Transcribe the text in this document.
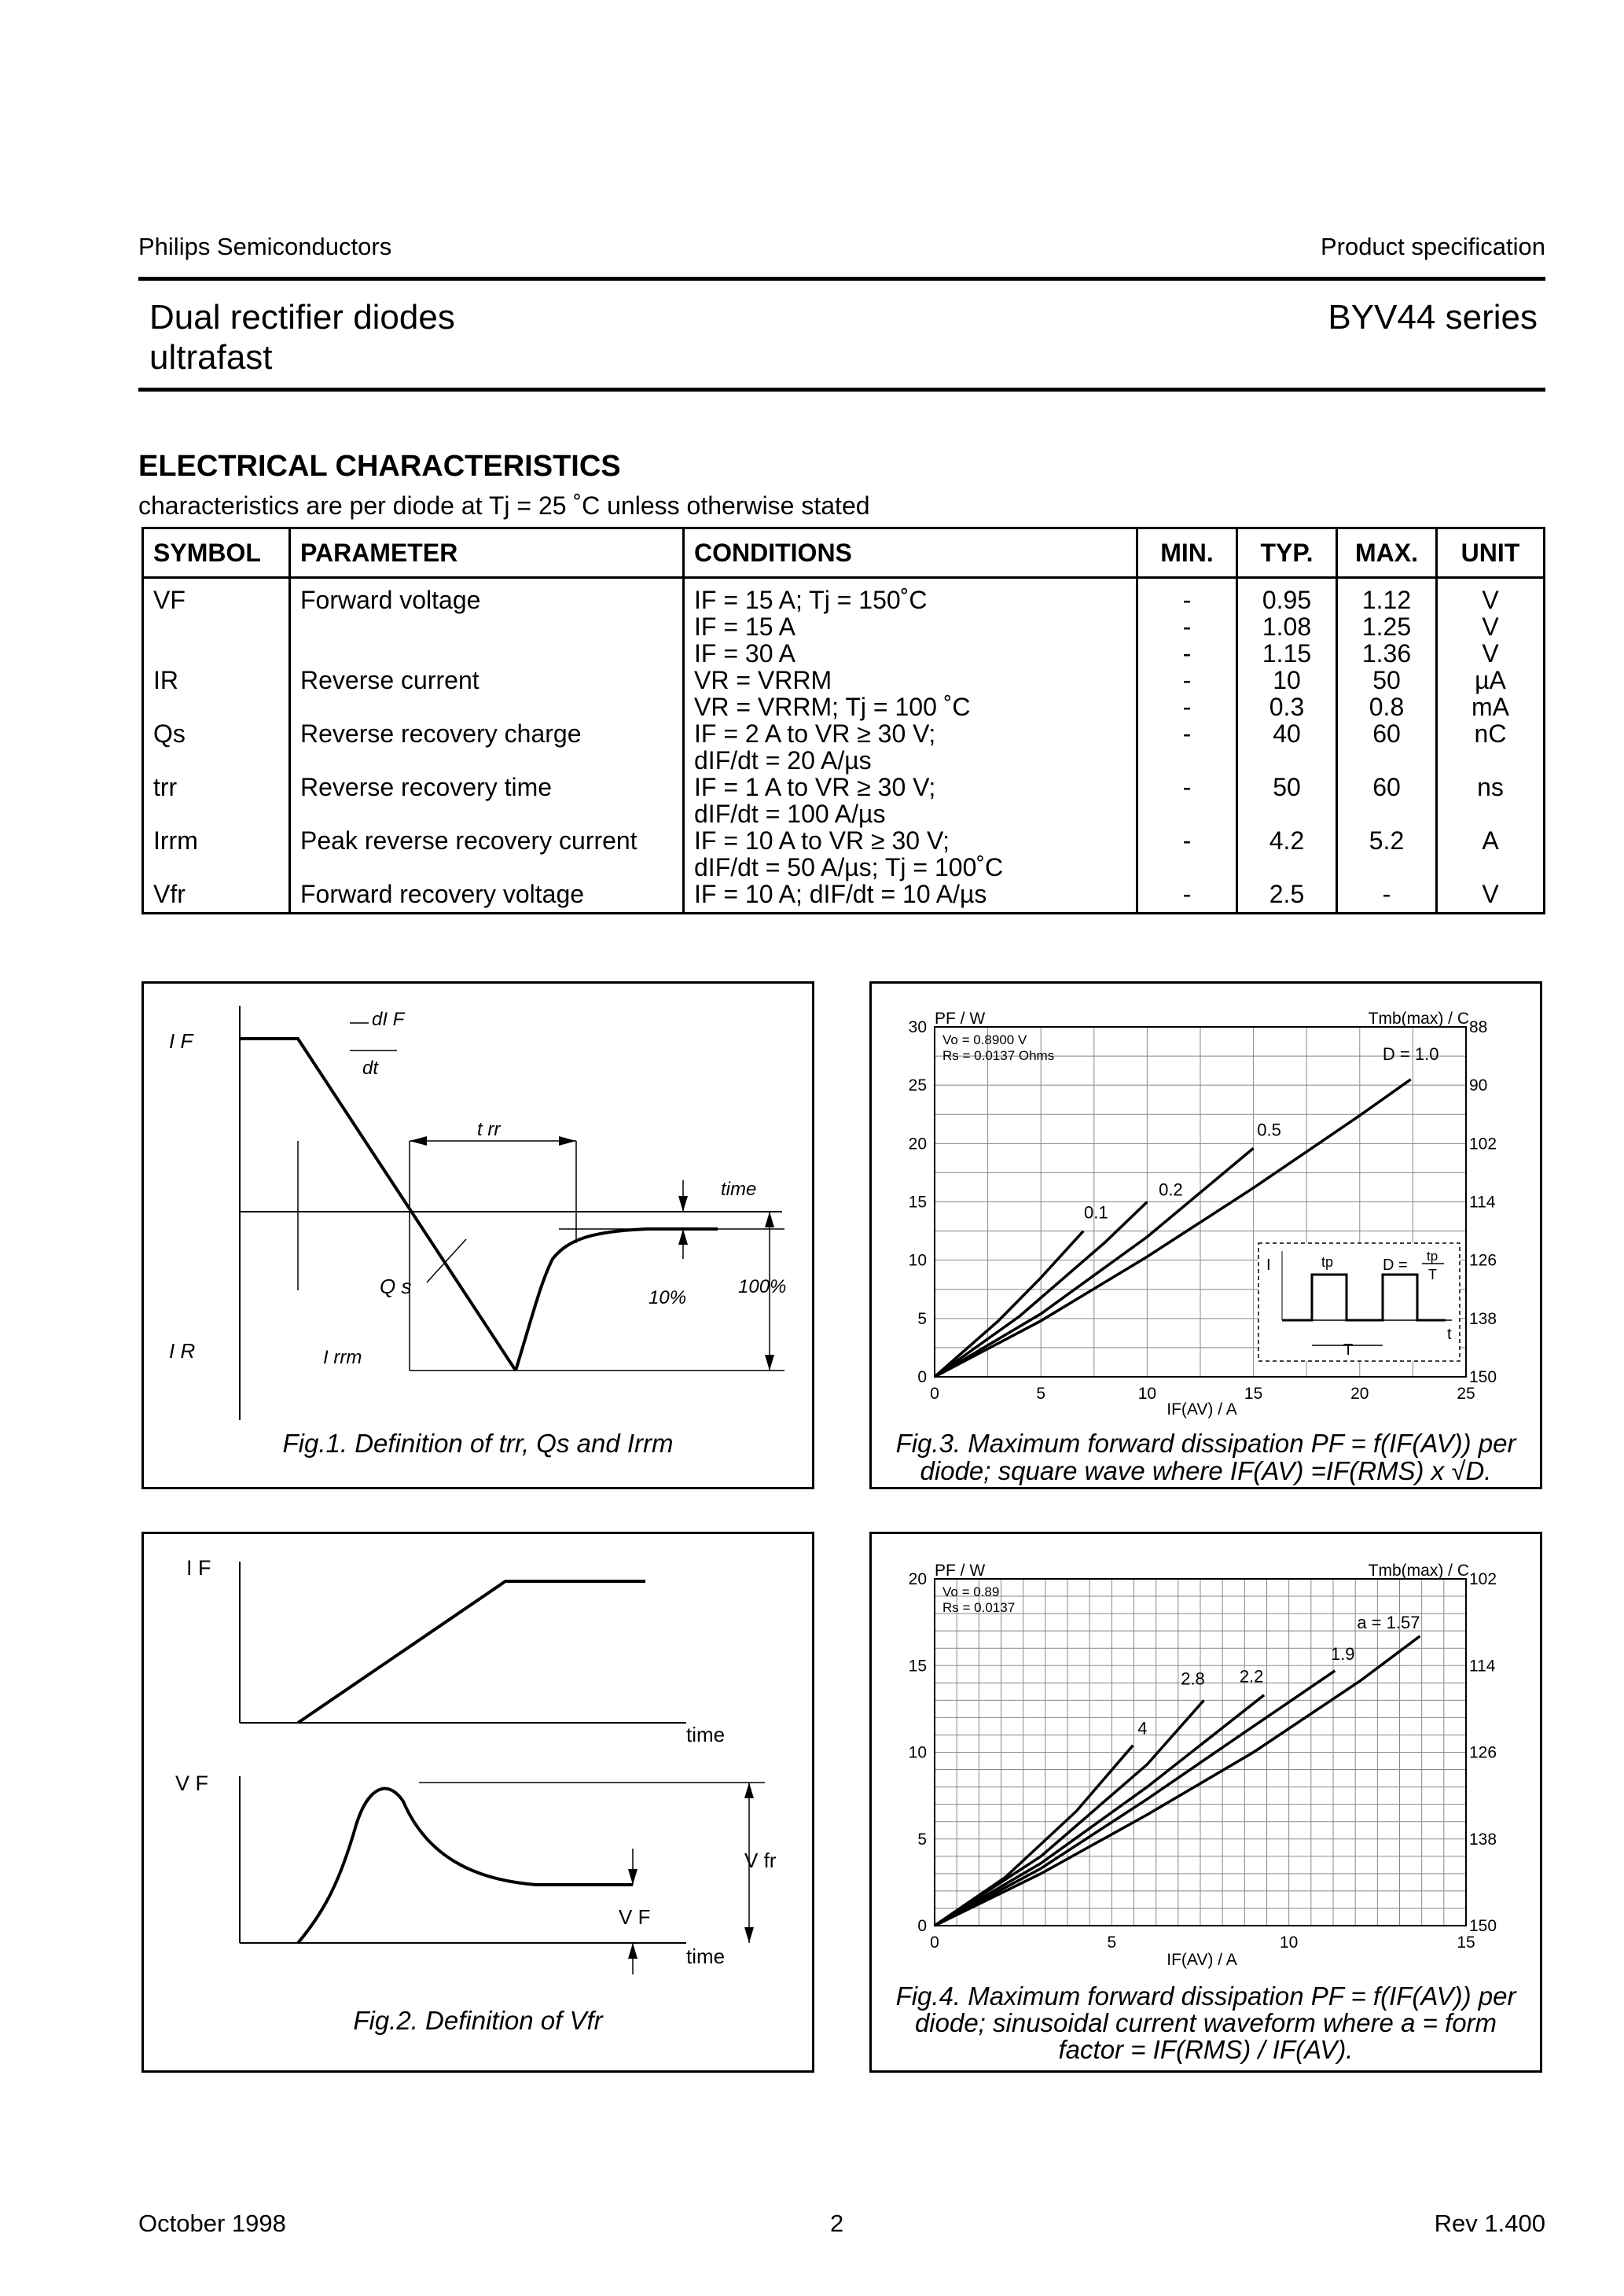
Philips Semiconductors	Product specification
Dual rectifier diodes
ultrafast
BYV44 series
ELECTRICAL CHARACTERISTICS
characteristics are per diode at Tj = 25 ˚C unless otherwise stated
SYMBOL	PARAMETER	CONDITIONS	MIN.	TYP.	MAX.	UNIT
VF	Forward voltage	IF = 15 A; Tj = 150˚C	-	0.95	1.12	V
		IF = 15 A	-	1.08	1.25	V
		IF = 30 A	-	1.15	1.36	V
IR	Reverse current	VR = VRRM	-	10	50	µA
		VR = VRRM; Tj = 100 ˚C	-	0.3	0.8	mA
Qs	Reverse recovery charge	IF = 2 A to VR ≥ 30 V;	-	40	60	nC
		dIF/dt = 20 A/µs				
trr	Reverse recovery time	IF = 1 A to VR ≥ 30 V;	-	50	60	ns
		dIF/dt = 100 A/µs				
Irrm	Peak reverse recovery current	IF = 10 A to VR ≥ 30 V;	-	4.2	5.2	A
		dIF/dt = 50 A/µs; Tj = 100˚C				
Vfr	Forward recovery voltage	IF = 10 A; dIF/dt = 10 A/µs	-	2.5	-	V
I F
dI F
dt
t rr
time
Q s	10%
100%
I R	I rrm
Fig.1. Definition of trr, Qs and Irrm
0	5	10	15	20	25
0
5
10
15
20
25
30
150
138
126
114
102
90
88
PF / W	Tmb(max) / C
IF(AV) / A
Vo = 0.8900 V
Rs = 0.0137 Ohms	D = 1.0
0.5
0.2
0.1
I	tp	D =
tp
T
t
T
Fig.3. Maximum forward dissipation PF = f(IF(AV)) per
diode; square wave where IF(AV) =IF(RMS) x √D.
I F
time
V F
V fr
V F
time
Fig.2. Definition of Vfr
0	5	10	15
0
5
10
15
20
150
138
126
114
102
PF / W	Tmb(max) / C
IF(AV) / A
Vo = 0.89
Rs = 0.0137
a = 1.57
1.9
2.2
2.8
4
Fig.4. Maximum forward dissipation PF = f(IF(AV)) per
diode; sinusoidal current waveform where a = form
factor = IF(RMS) / IF(AV).
October 1998	2	Rev 1.400
